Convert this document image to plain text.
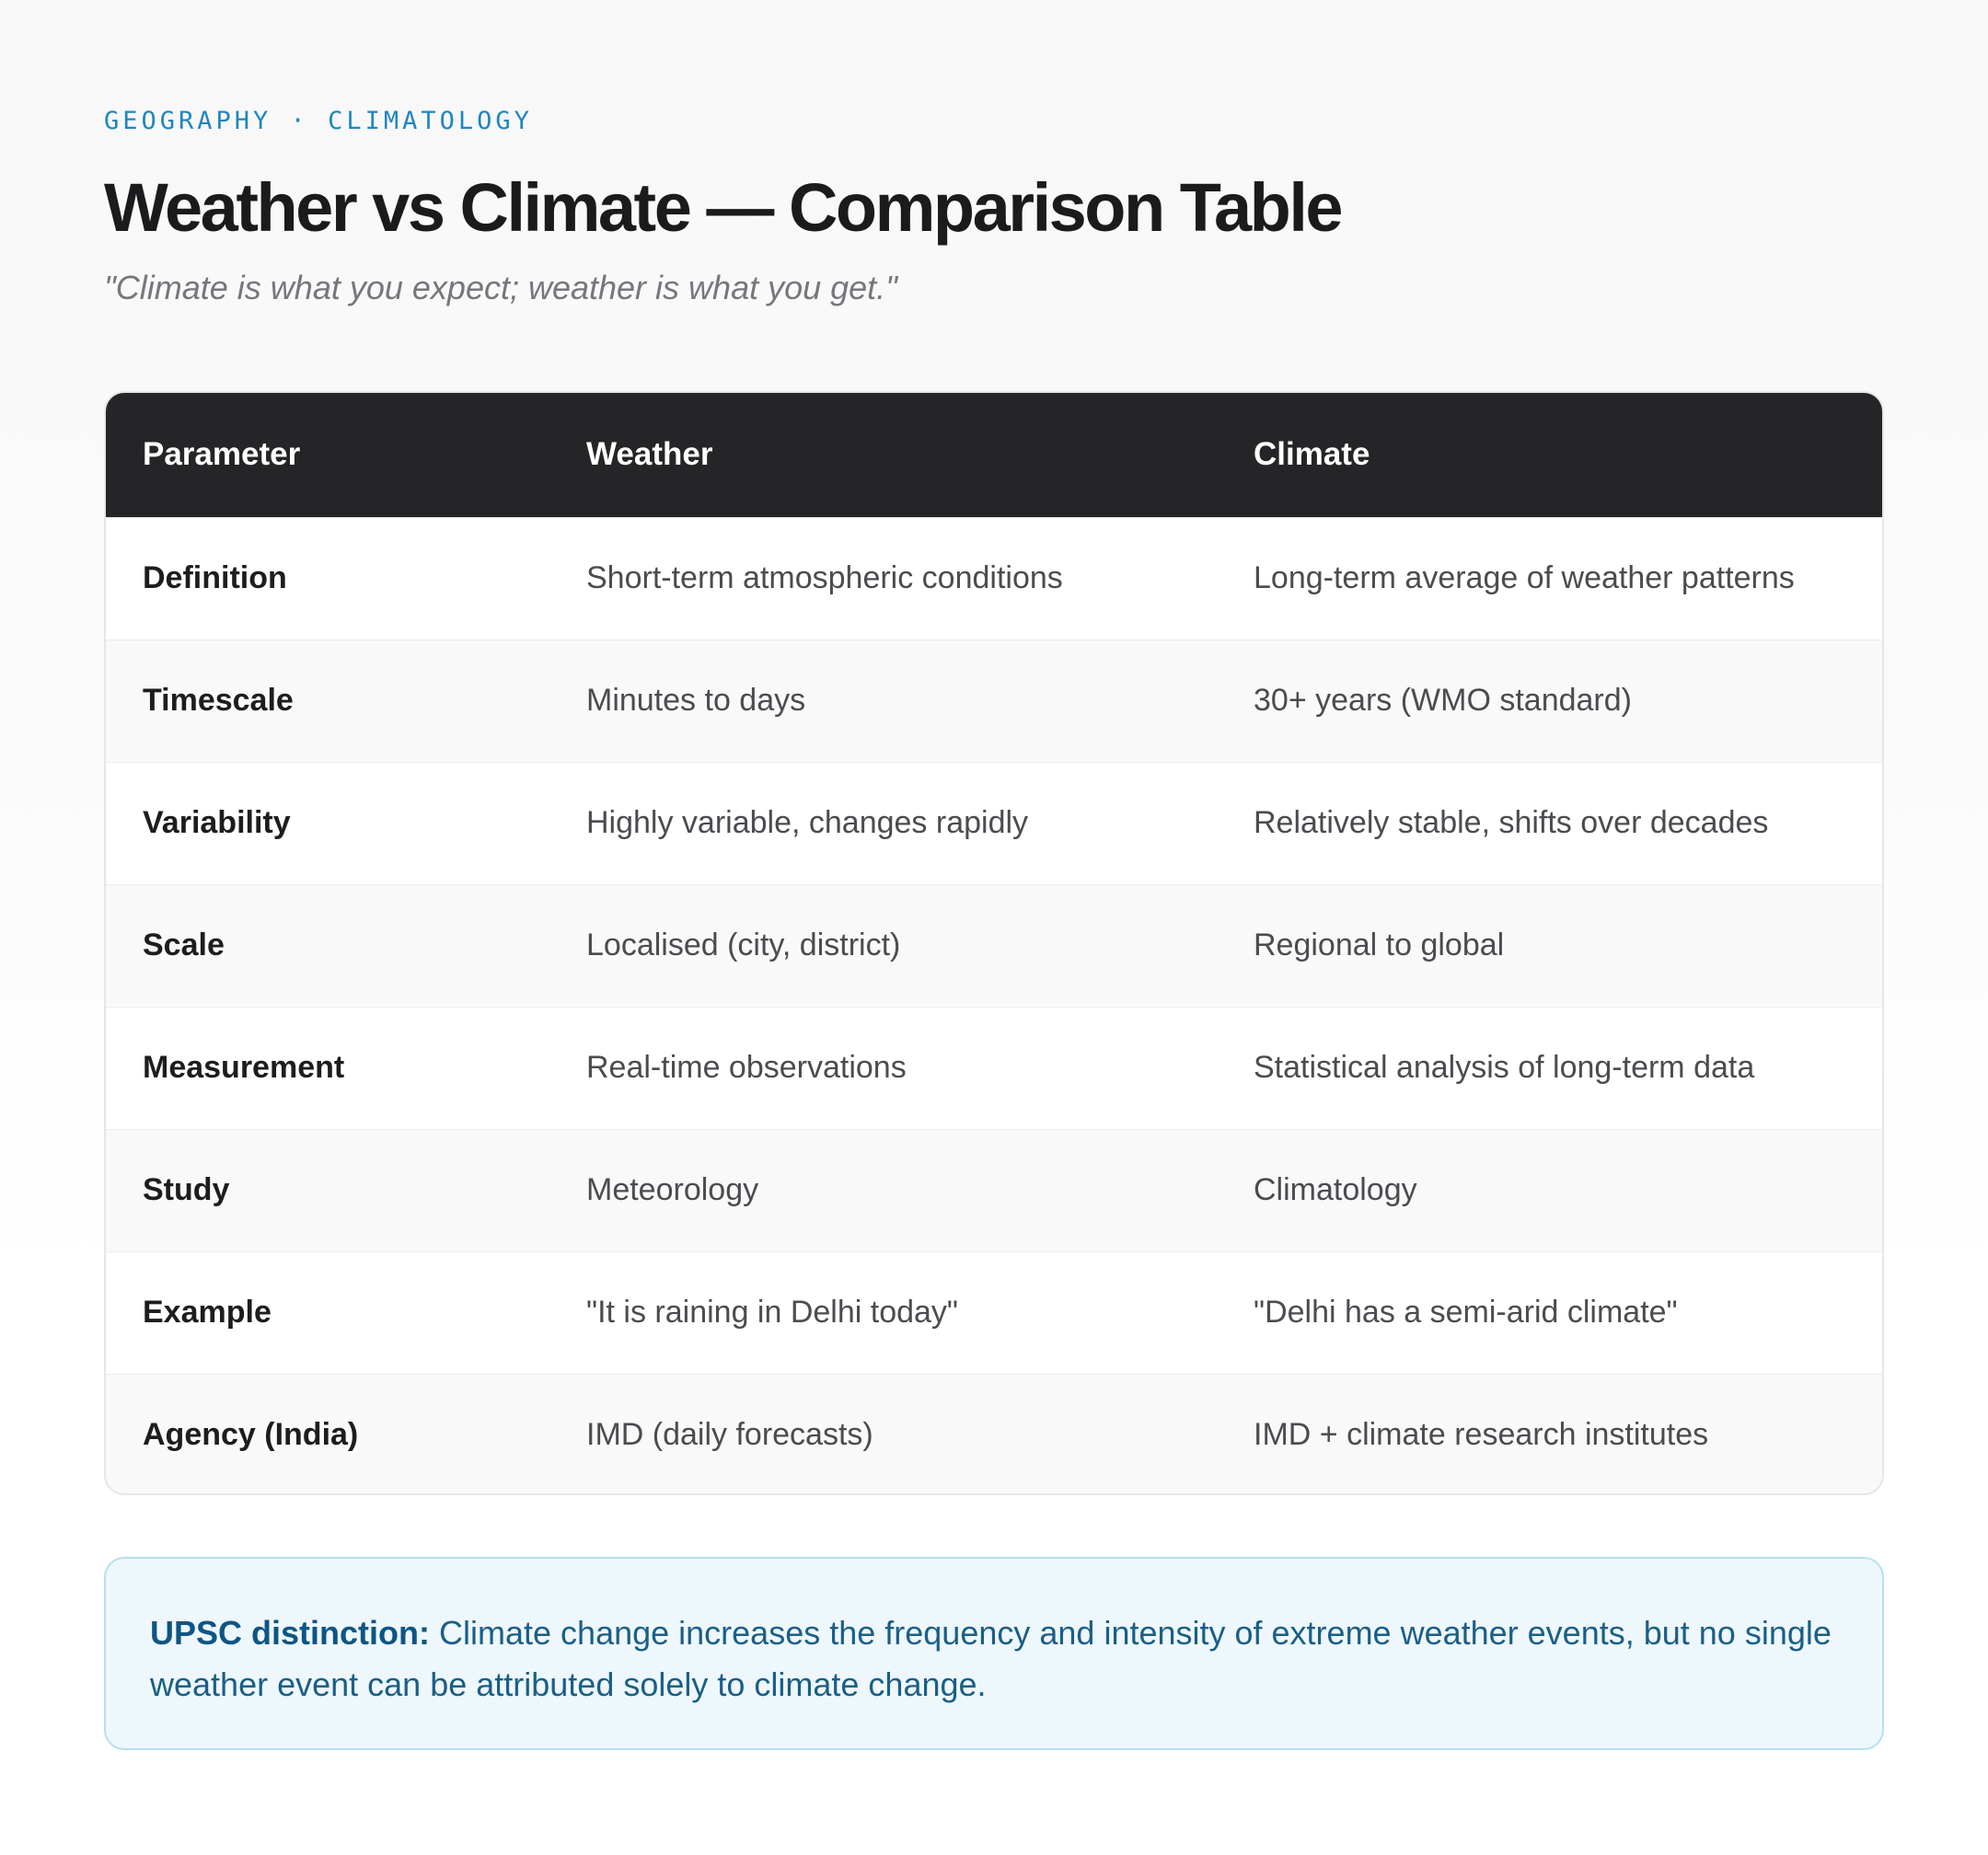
GEOGRAPHY · CLIMATOLOGY
Weather vs Climate — Comparison Table
"Climate is what you expect; weather is what you get."
Parameter	Weather	Climate
Definition	Short-term atmospheric conditions	Long-term average of weather patterns
Timescale	Minutes to days	30+ years (WMO standard)
Variability	Highly variable, changes rapidly	Relatively stable, shifts over decades
Scale	Localised (city, district)	Regional to global
Measurement	Real-time observations	Statistical analysis of long-term data
Study	Meteorology	Climatology
Example	"It is raining in Delhi today"	"Delhi has a semi-arid climate"
Agency (India)	IMD (daily forecasts)	IMD + climate research institutes
UPSC distinction: Climate change increases the frequency and intensity of extreme weather events, but no single weather event can be attributed solely to climate change.
